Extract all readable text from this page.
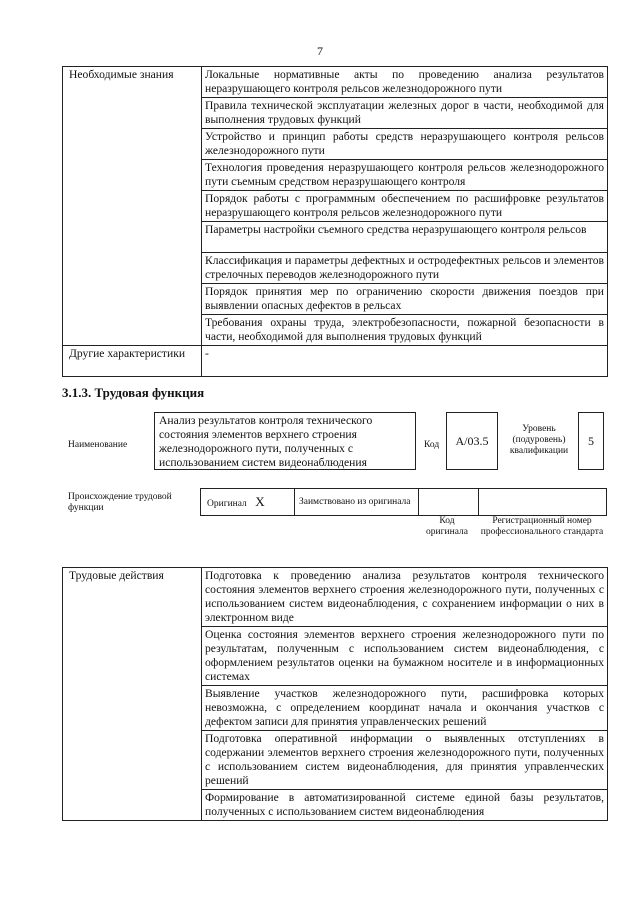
7
Необходимые знания	Локальные нормативные акты по проведению анализа результатов неразрушающего контроля рельсов железнодорожного пути
	Правила технической эксплуатации железных дорог в части, необходимой для выполнения трудовых функций
	Устройство и принцип работы средств неразрушающего контроля рельсов железнодорожного пути
	Технология проведения неразрушающего контроля рельсов железнодорожного пути съемным средством неразрушающего контроля
	Порядок работы с программным обеспечением по расшифровке результатов неразрушающего контроля рельсов железнодорожного пути
	Параметры настройки съемного средства неразрушающего контроля рельсов
	Классификация и параметры дефектных и остродефектных рельсов и элементов стрелочных переводов железнодорожного пути
	Порядок принятия мер по ограничению скорости движения поездов при выявлении опасных дефектов в рельсах
	Требования охраны труда, электробезопасности, пожарной безопасности в части, необходимой для выполнения трудовых функций
Другие характеристики	-
3.1.3. Трудовая функция
Наименование
Анализ результатов контроля технического состояния элементов верхнего строения железнодорожного пути, полученных с использованием систем видеонаблюдения
Код	A/03.5
Уровень (подуровень) квалификации
5
Происхождение трудовой функции	Оригинал X	Заимствовано из оригинала		
Код оригинала
Регистрационный номер профессионального стандарта
Трудовые действия	Подготовка к проведению анализа результатов контроля технического состояния элементов верхнего строения железнодорожного пути, полученных с использованием систем видеонаблюдения, с сохранением информации о них в электронном виде
Оценка состояния элементов верхнего строения железнодорожного пути по результатам, полученным с использованием систем видеонаблюдения, с оформлением результатов оценки на бумажном носителе и в информационных системах
Выявление участков железнодорожного пути, расшифровка которых невозможна, с определением координат начала и окончания участков с дефектом записи для принятия управленческих решений
Подготовка оперативной информации о выявленных отступлениях в содержании элементов верхнего строения железнодорожного пути, полученных с использованием систем видеонаблюдения, для принятия управленческих решений
Формирование в автоматизированной системе единой базы результатов, полученных с использованием систем видеонаблюдения
